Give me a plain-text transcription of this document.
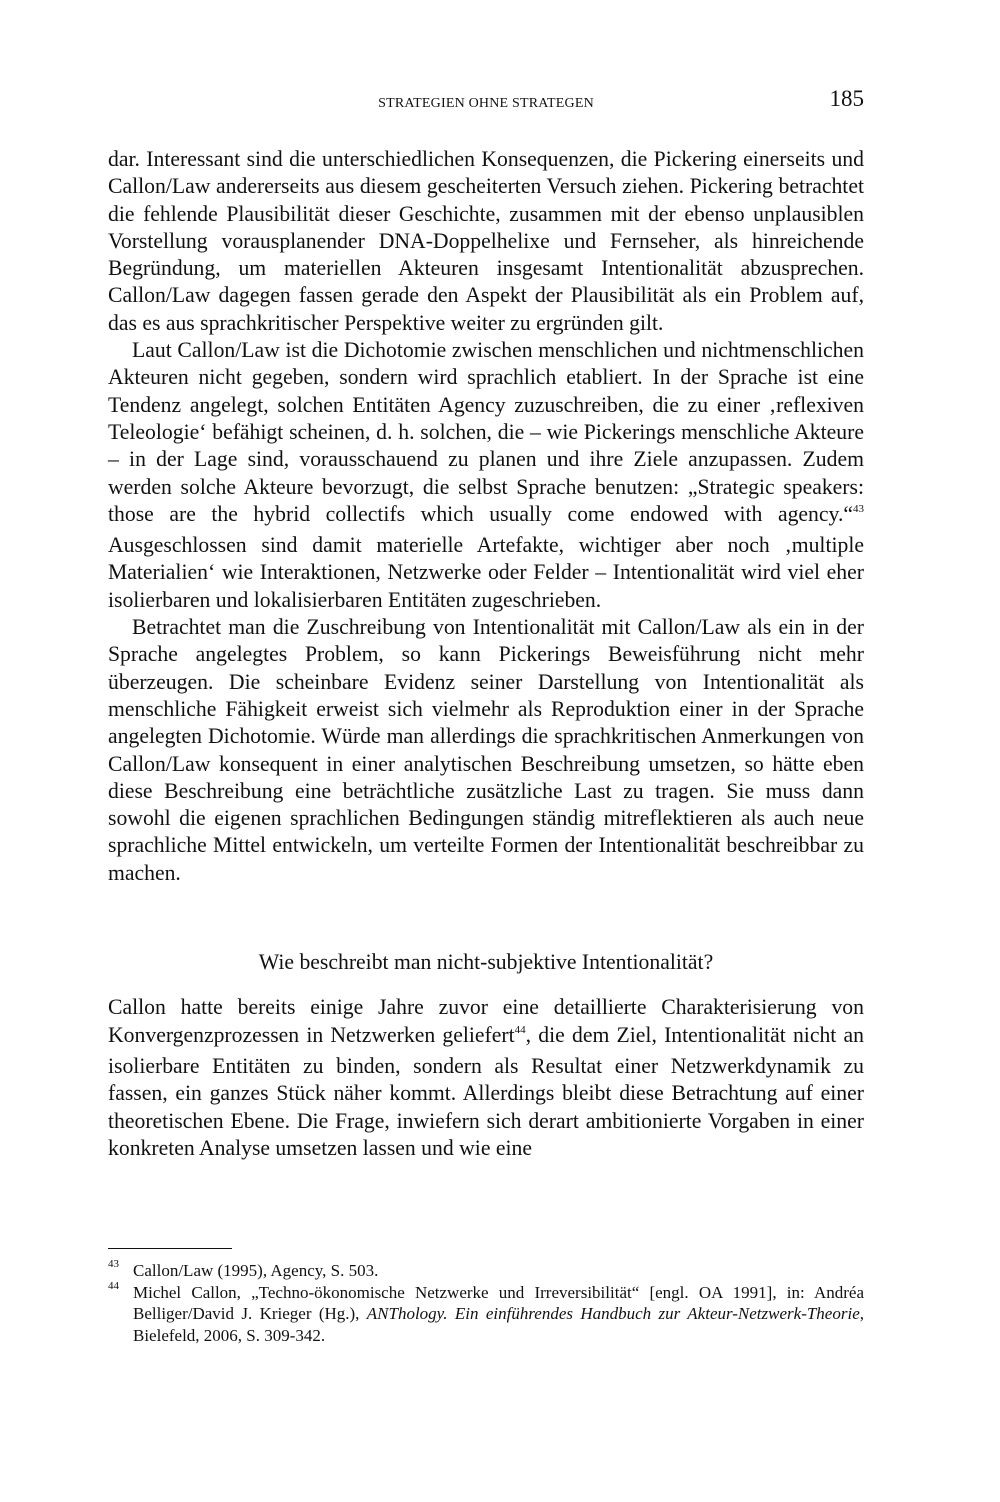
STRATEGIEN OHNE STRATEGEN	185

dar. Interessant sind die unterschiedlichen Konsequenzen, die Pickering einerseits und Callon/Law andererseits aus diesem gescheiterten Versuch ziehen. Pickering betrachtet die fehlende Plausibilität dieser Geschichte, zusammen mit der ebenso unplausiblen Vorstellung vorausplanender DNA-Doppelhelixe und Fernseher, als hinreichende Begründung, um materiellen Akteuren insgesamt Intentionalität abzusprechen. Callon/Law dagegen fassen gerade den Aspekt der Plausibilität als ein Problem auf, das es aus sprachkritischer Perspektive weiter zu ergründen gilt.

Laut Callon/Law ist die Dichotomie zwischen menschlichen und nichtmenschlichen Akteuren nicht gegeben, sondern wird sprachlich etabliert. In der Sprache ist eine Tendenz angelegt, solchen Entitäten Agency zuzuschreiben, die zu einer ‚reflexiven Teleologie‘ befähigt scheinen, d. h. solchen, die – wie Pickerings menschliche Akteure – in der Lage sind, vorausschauend zu planen und ihre Ziele anzupassen. Zudem werden solche Akteure bevorzugt, die selbst Sprache benutzen: „Strategic speakers: those are the hybrid collectifs which usually come endowed with agency.“$^{43}$ Ausgeschlossen sind damit materielle Artefakte, wichtiger aber noch ‚multiple Materialien‘ wie Interaktionen, Netzwerke oder Felder – Intentionalität wird viel eher isolierbaren und lokalisierbaren Entitäten zugeschrieben.

Betrachtet man die Zuschreibung von Intentionalität mit Callon/Law als ein in der Sprache angelegtes Problem, so kann Pickerings Beweisführung nicht mehr überzeugen. Die scheinbare Evidenz seiner Darstellung von Intentionalität als menschliche Fähigkeit erweist sich vielmehr als Reproduktion einer in der Sprache angelegten Dichotomie. Würde man allerdings die sprachkritischen Anmerkungen von Callon/Law konsequent in einer analytischen Beschreibung umsetzen, so hätte eben diese Beschreibung eine beträchtliche zusätzliche Last zu tragen. Sie muss dann sowohl die eigenen sprachlichen Bedingungen ständig mitreflektieren als auch neue sprachliche Mittel entwickeln, um verteilte Formen der Intentionalität beschreibbar zu machen.

Wie beschreibt man nicht-subjektive Intentionalität?

Callon hatte bereits einige Jahre zuvor eine detaillierte Charakterisierung von Konvergenzprozessen in Netzwerken geliefert$^{44}$, die dem Ziel, Intentionalität nicht an isolierbare Entitäten zu binden, sondern als Resultat einer Netzwerkdynamik zu fassen, ein ganzes Stück näher kommt. Allerdings bleibt diese Betrachtung auf einer theoretischen Ebene. Die Frage, inwiefern sich derart ambitionierte Vorgaben in einer konkreten Analyse umsetzen lassen und wie eine

43 Callon/Law (1995), Agency, S. 503.
44 Michel Callon, „Techno-ökonomische Netzwerke und Irreversibilität“ [engl. OA 1991], in: Andréa Belliger/David J. Krieger (Hg.), ANThology. Ein einführendes Handbuch zur Akteur-Netzwerk-Theorie, Bielefeld, 2006, S. 309-342.
